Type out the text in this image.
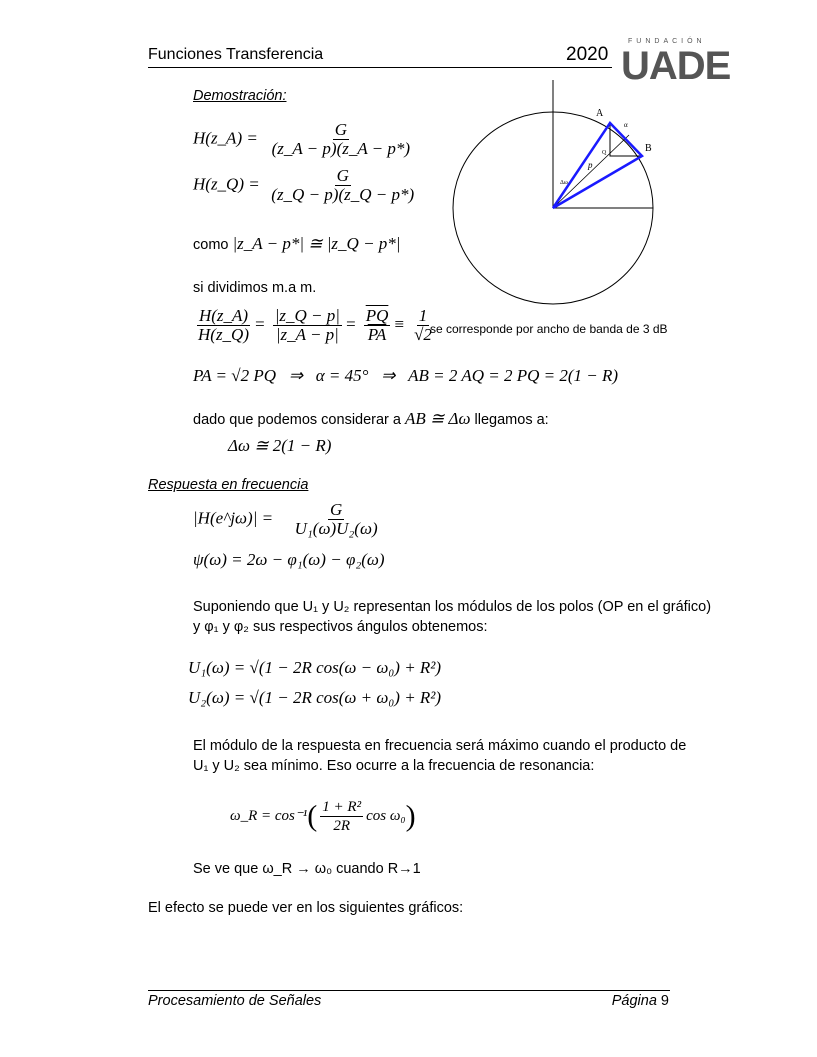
Funciones Transferencia	2020
FUNDACIÓN
UADE
Demostración:
H(z_A) = $\frac{G}{(z\_A - p)(z\_A - p*)}$
H(z_Q) = $\frac{G}{(z\_Q - p)(z\_Q - p*)}$
como |z_A − p*| ≅ |z_Q − p*|
si dividimos m.a m.
$\frac{H(z\_A)}{H(z\_Q)} = \frac{|z\_Q - p|}{|z\_A - p|} = \frac{\overline{PQ}}{PA} \equiv \frac{1}{√2}$
se corresponde por ancho de banda de 3 dB
PA = √2 PQ   ⇒   α = 45°   ⇒   AB = 2 AQ = 2 PQ = 2(1 − R)
dado que podemos considerar a AB ≅ Δω llegamos a:
Δω ≅ 2(1 − R)
A
B
p
Δω
α
Q
Respuesta en frecuencia
|H(e^jω)| = $\frac{G}{\text{U₁(ω)U₂(ω)}}$
ψ(ω) = 2ω − φ₁(ω) − φ₂(ω)
Suponiendo que U₁ y U₂ representan los módulos de los polos (OP en el gráfico)
y φ₁ y φ₂ sus respectivos ángulos obtenemos:
U₁(ω) = √(1 − 2R cos(ω − ω₀) + R²)
U₂(ω) = √(1 − 2R cos(ω + ω₀) + R²)
El módulo de la respuesta en frecuencia será máximo cuando el producto de
U₁ y U₂ sea mínimo. Eso ocurre a la frecuencia de resonancia:
ω_R = $\cos^{-1}( \frac{\text{1 + R²}}{2R}$ cos ω₀)
Se ve que ω_R → ω₀ cuando R→1
El efecto se puede ver en los siguientes gráficos:
Procesamiento de Señales	Página 9
